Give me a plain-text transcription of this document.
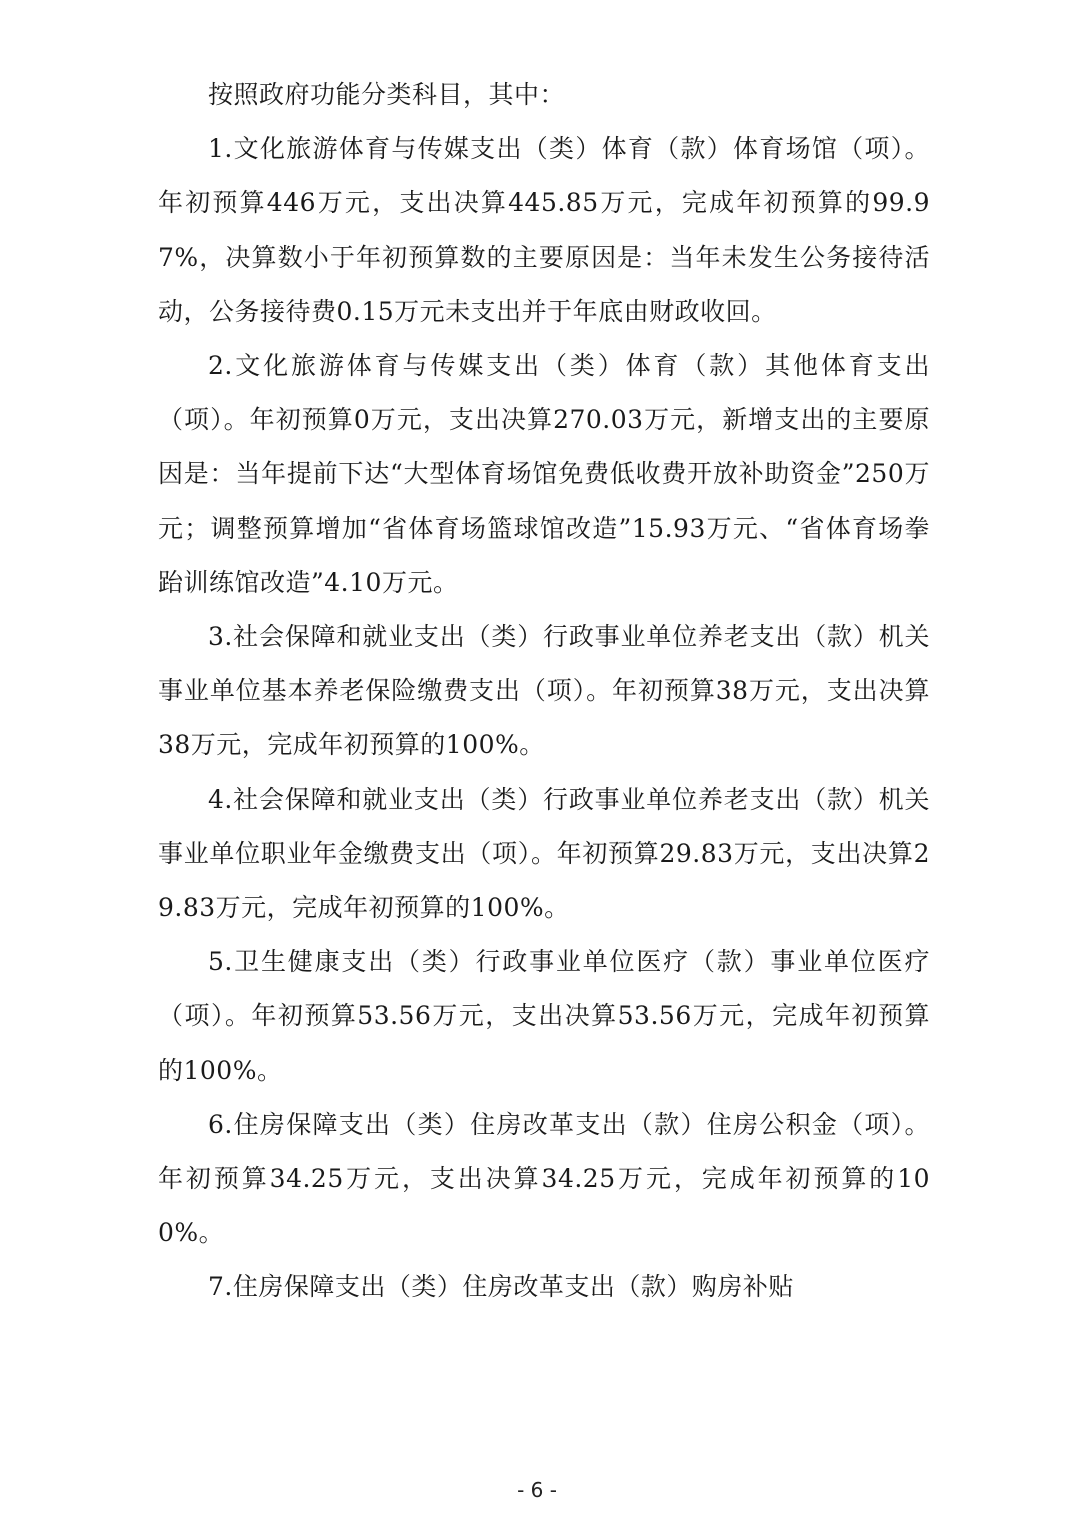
按照政府功能分类科目，其中：

1.文化旅游体育与传媒支出（类）体育（款）体育场馆（项）。年初预算446万元，支出决算445.85万元，完成年初预算的99.97%，决算数小于年初预算数的主要原因是：当年未发生公务接待活动，公务接待费0.15万元未支出并于年底由财政收回。

2.文化旅游体育与传媒支出（类）体育（款）其他体育支出（项）。年初预算0万元，支出决算270.03万元，新增支出的主要原因是：当年提前下达“大型体育场馆免费低收费开放补助资金”250万元；调整预算增加“省体育场篮球馆改造”15.93万元、“省体育场拳跆训练馆改造”4.10万元。

3.社会保障和就业支出（类）行政事业单位养老支出（款）机关事业单位基本养老保险缴费支出（项）。年初预算38万元，支出决算38万元，完成年初预算的100%。

4.社会保障和就业支出（类）行政事业单位养老支出（款）机关事业单位职业年金缴费支出（项）。年初预算29.83万元，支出决算29.83万元，完成年初预算的100%。

5.卫生健康支出（类）行政事业单位医疗（款）事业单位医疗（项）。年初预算53.56万元，支出决算53.56万元，完成年初预算的100%。

6.住房保障支出（类）住房改革支出（款）住房公积金（项）。年初预算34.25万元，支出决算34.25万元，完成年初预算的100%。

7.住房保障支出（类）住房改革支出（款）购房补贴

- 6 -
